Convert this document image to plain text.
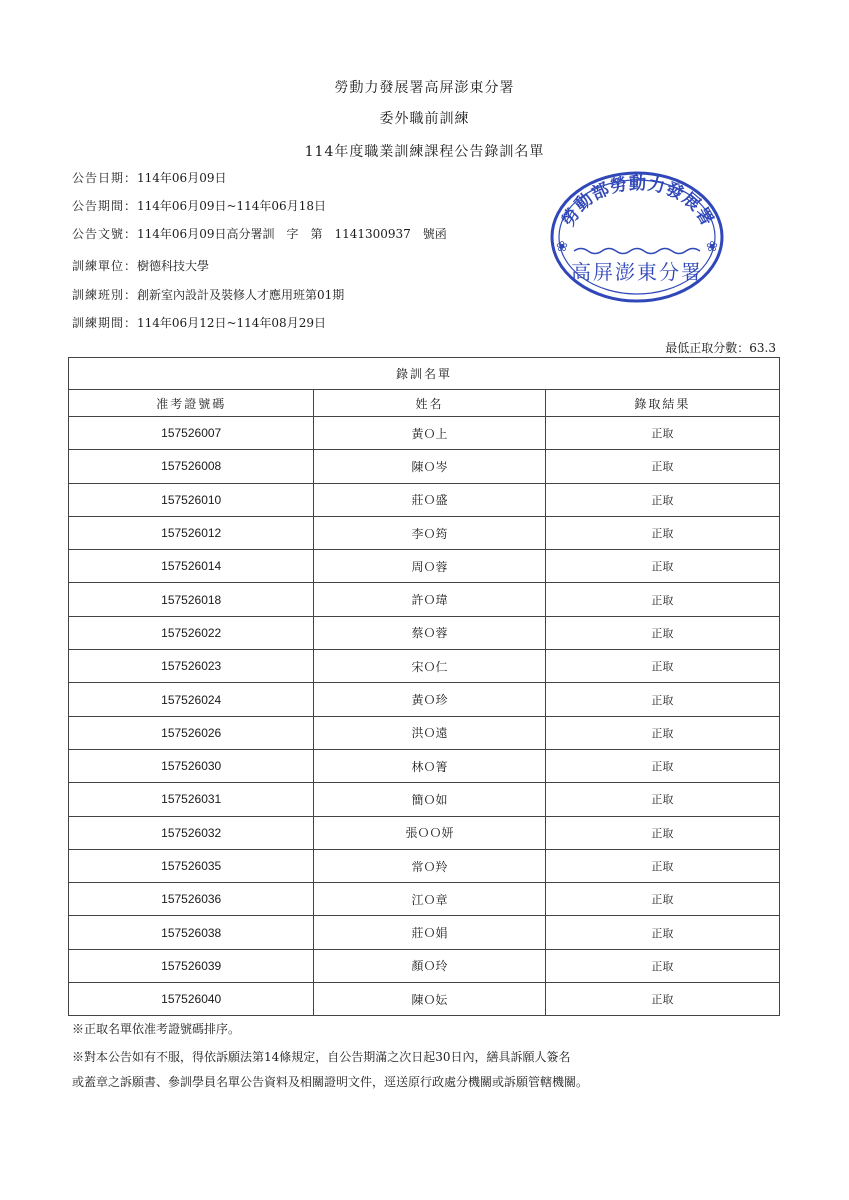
勞動力發展署高屏澎東分署
委外職前訓練
114年度職業訓練課程公告錄訓名單
公告日期：114年06月09日
公告期間：114年06月09日~114年06月18日
公告文號：114年06月09日高分署訓　字　第　1141300937　號函
訓練單位：樹德科技大學
訓練班別：創新室內設計及裝修人才應用班第01期
訓練期間：114年06月12日~114年08月29日
❀	❀
勞動部勞動力發展署
高屏澎東分署
最低正取分數：63.3
錄訓名單		
准考證號碼	姓名	錄取結果
157526007	黃Ｏ上	正取
157526008	陳Ｏ岑	正取
157526010	莊Ｏ盛	正取
157526012	李Ｏ筠	正取
157526014	周Ｏ蓉	正取
157526018	許Ｏ瑋	正取
157526022	蔡Ｏ蓉	正取
157526023	宋Ｏ仁	正取
157526024	黃Ｏ珍	正取
157526026	洪Ｏ遠	正取
157526030	林Ｏ箐	正取
157526031	簡Ｏ如	正取
157526032	張ＯＯ妍	正取
157526035	常Ｏ羚	正取
157526036	江Ｏ章	正取
157526038	莊Ｏ娟	正取
157526039	顏Ｏ玲	正取
157526040	陳Ｏ妘	正取
※正取名單依准考證號碼排序。
※對本公告如有不服，得依訴願法第14條規定，自公告期滿之次日起30日內，繕具訴願人簽名
或蓋章之訴願書、參訓學員名單公告資料及相關證明文件，逕送原行政處分機關或訴願管轄機關。
